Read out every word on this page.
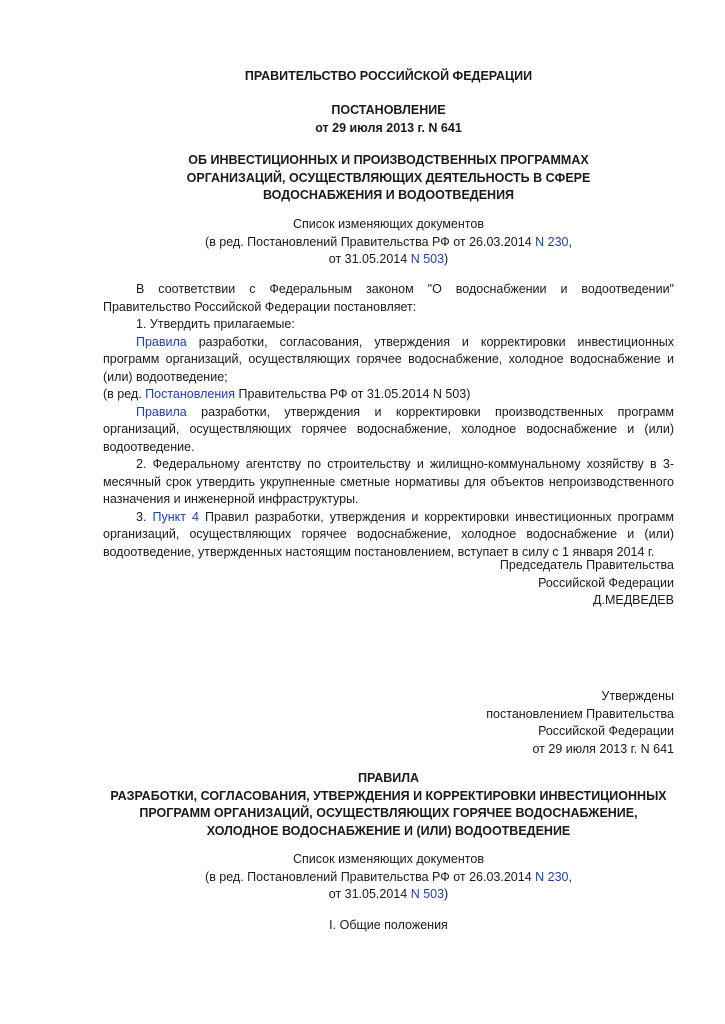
ПРАВИТЕЛЬСТВО РОССИЙСКОЙ ФЕДЕРАЦИИ

ПОСТАНОВЛЕНИЕ

от 29 июля 2013 г. N 641

ОБ ИНВЕСТИЦИОННЫХ И ПРОИЗВОДСТВЕННЫХ ПРОГРАММАХ

ОРГАНИЗАЦИЙ, ОСУЩЕСТВЛЯЮЩИХ ДЕЯТЕЛЬНОСТЬ В СФЕРЕ

ВОДОСНАБЖЕНИЯ И ВОДООТВЕДЕНИЯ

Список изменяющих документов

(в ред. Постановлений Правительства РФ от 26.03.2014 N 230,

от 31.05.2014 N 503)

В соответствии с Федеральным законом "О водоснабжении и водоотведении" Правительство Российской Федерации постановляет:

1. Утвердить прилагаемые:

Правила разработки, согласования, утверждения и корректировки инвестиционных программ организаций, осуществляющих горячее водоснабжение, холодное водоснабжение и (или) водоотведение;

(в ред. Постановления Правительства РФ от 31.05.2014 N 503)

Правила разработки, утверждения и корректировки производственных программ организаций, осуществляющих горячее водоснабжение, холодное водоснабжение и (или) водоотведение.

2. Федеральному агентству по строительству и жилищно-коммунальному хозяйству в 3-месячный срок утвердить укрупненные сметные нормативы для объектов непроизводственного назначения и инженерной инфраструктуры.

3. Пункт 4 Правил разработки, утверждения и корректировки инвестиционных программ организаций, осуществляющих горячее водоснабжение, холодное водоснабжение и (или) водоотведение, утвержденных настоящим постановлением, вступает в силу с 1 января 2014 г.

Председатель Правительства

Российской Федерации

Д.МЕДВЕДЕВ

Утверждены

постановлением Правительства

Российской Федерации

от 29 июля 2013 г. N 641

ПРАВИЛА

РАЗРАБОТКИ, СОГЛАСОВАНИЯ, УТВЕРЖДЕНИЯ И КОРРЕКТИРОВКИ ИНВЕСТИЦИОННЫХ

ПРОГРАММ ОРГАНИЗАЦИЙ, ОСУЩЕСТВЛЯЮЩИХ ГОРЯЧЕЕ ВОДОСНАБЖЕНИЕ,

ХОЛОДНОЕ ВОДОСНАБЖЕНИЕ И (ИЛИ) ВОДООТВЕДЕНИЕ

Список изменяющих документов

(в ред. Постановлений Правительства РФ от 26.03.2014 N 230,

от 31.05.2014 N 503)

I. Общие положения
